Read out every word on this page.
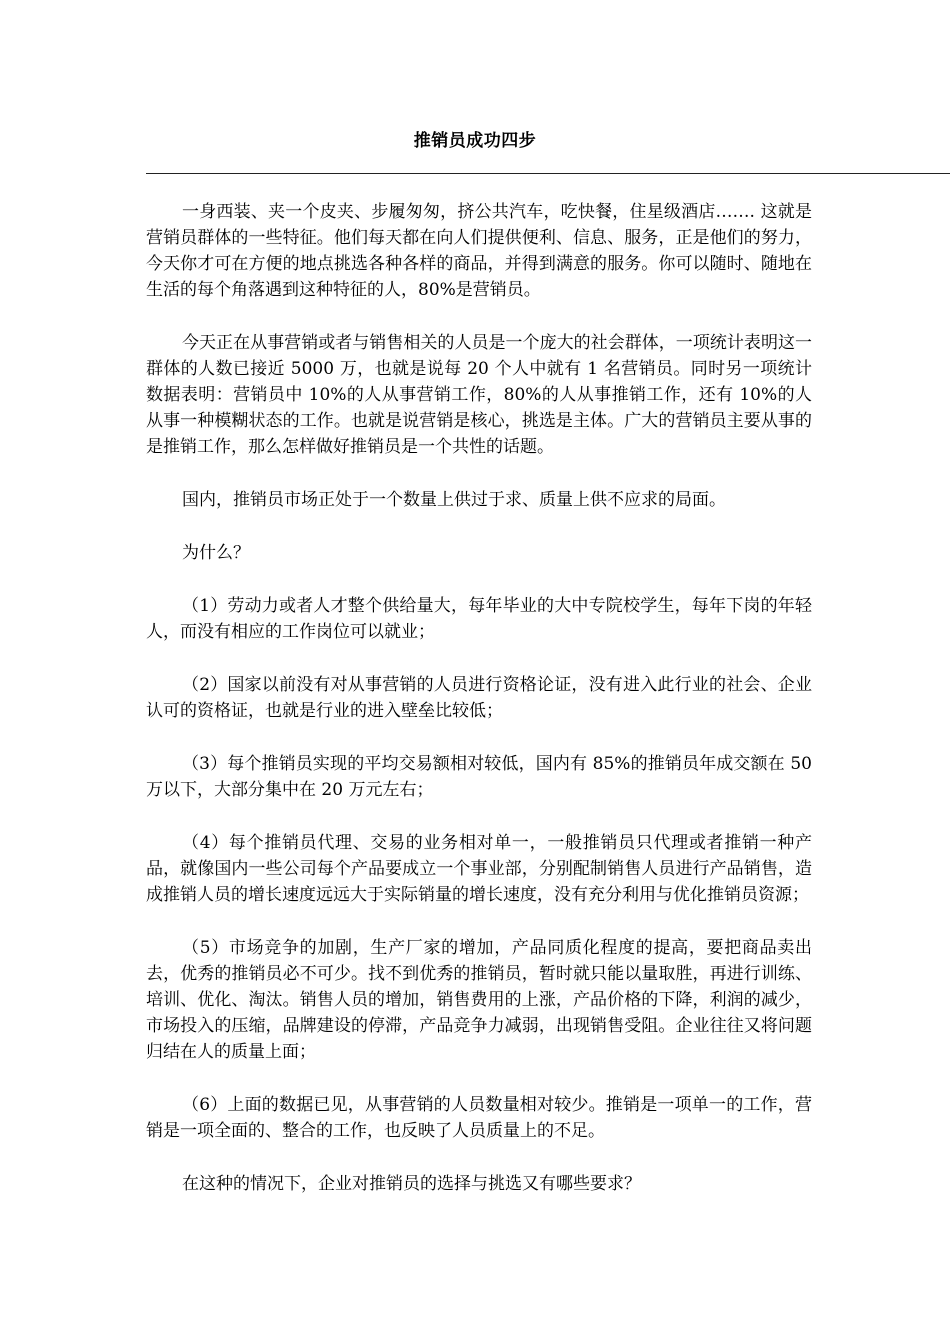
推销员成功四步

一身西装、夹一个皮夹、步履匆匆，挤公共汽车，吃快餐，住星级酒店……. 这就是营销员群体的一些特征。他们每天都在向人们提供便利、信息、服务，正是他们的努力，今天你才可在方便的地点挑选各种各样的商品，并得到满意的服务。你可以随时、随地在生活的每个角落遇到这种特征的人，80%是营销员。

今天正在从事营销或者与销售相关的人员是一个庞大的社会群体，一项统计表明这一群体的人数已接近 5000 万，也就是说每 20 个人中就有 1 名营销员。同时另一项统计数据表明：营销员中 10%的人从事营销工作，80%的人从事推销工作，还有 10%的人从事一种模糊状态的工作。也就是说营销是核心，挑选是主体。广大的营销员主要从事的是推销工作，那么怎样做好推销员是一个共性的话题。

国内，推销员市场正处于一个数量上供过于求、质量上供不应求的局面。

为什么？

（1）劳动力或者人才整个供给量大，每年毕业的大中专院校学生，每年下岗的年轻人，而没有相应的工作岗位可以就业；

（2）国家以前没有对从事营销的人员进行资格论证，没有进入此行业的社会、企业认可的资格证，也就是行业的进入壁垒比较低；

（3）每个推销员实现的平均交易额相对较低，国内有 85%的推销员年成交额在 50 万以下，大部分集中在 20 万元左右；

（4）每个推销员代理、交易的业务相对单一，一般推销员只代理或者推销一种产品，就像国内一些公司每个产品要成立一个事业部，分别配制销售人员进行产品销售，造成推销人员的增长速度远远大于实际销量的增长速度，没有充分利用与优化推销员资源；

（5）市场竞争的加剧，生产厂家的增加，产品同质化程度的提高，要把商品卖出去，优秀的推销员必不可少。找不到优秀的推销员，暂时就只能以量取胜，再进行训练、培训、优化、淘汰。销售人员的增加，销售费用的上涨，产品价格的下降，利润的减少，市场投入的压缩，品牌建设的停滞，产品竞争力减弱，出现销售受阻。企业往往又将问题归结在人的质量上面；

（6）上面的数据已见，从事营销的人员数量相对较少。推销是一项单一的工作，营销是一项全面的、整合的工作，也反映了人员质量上的不足。

在这种的情况下，企业对推销员的选择与挑选又有哪些要求？
